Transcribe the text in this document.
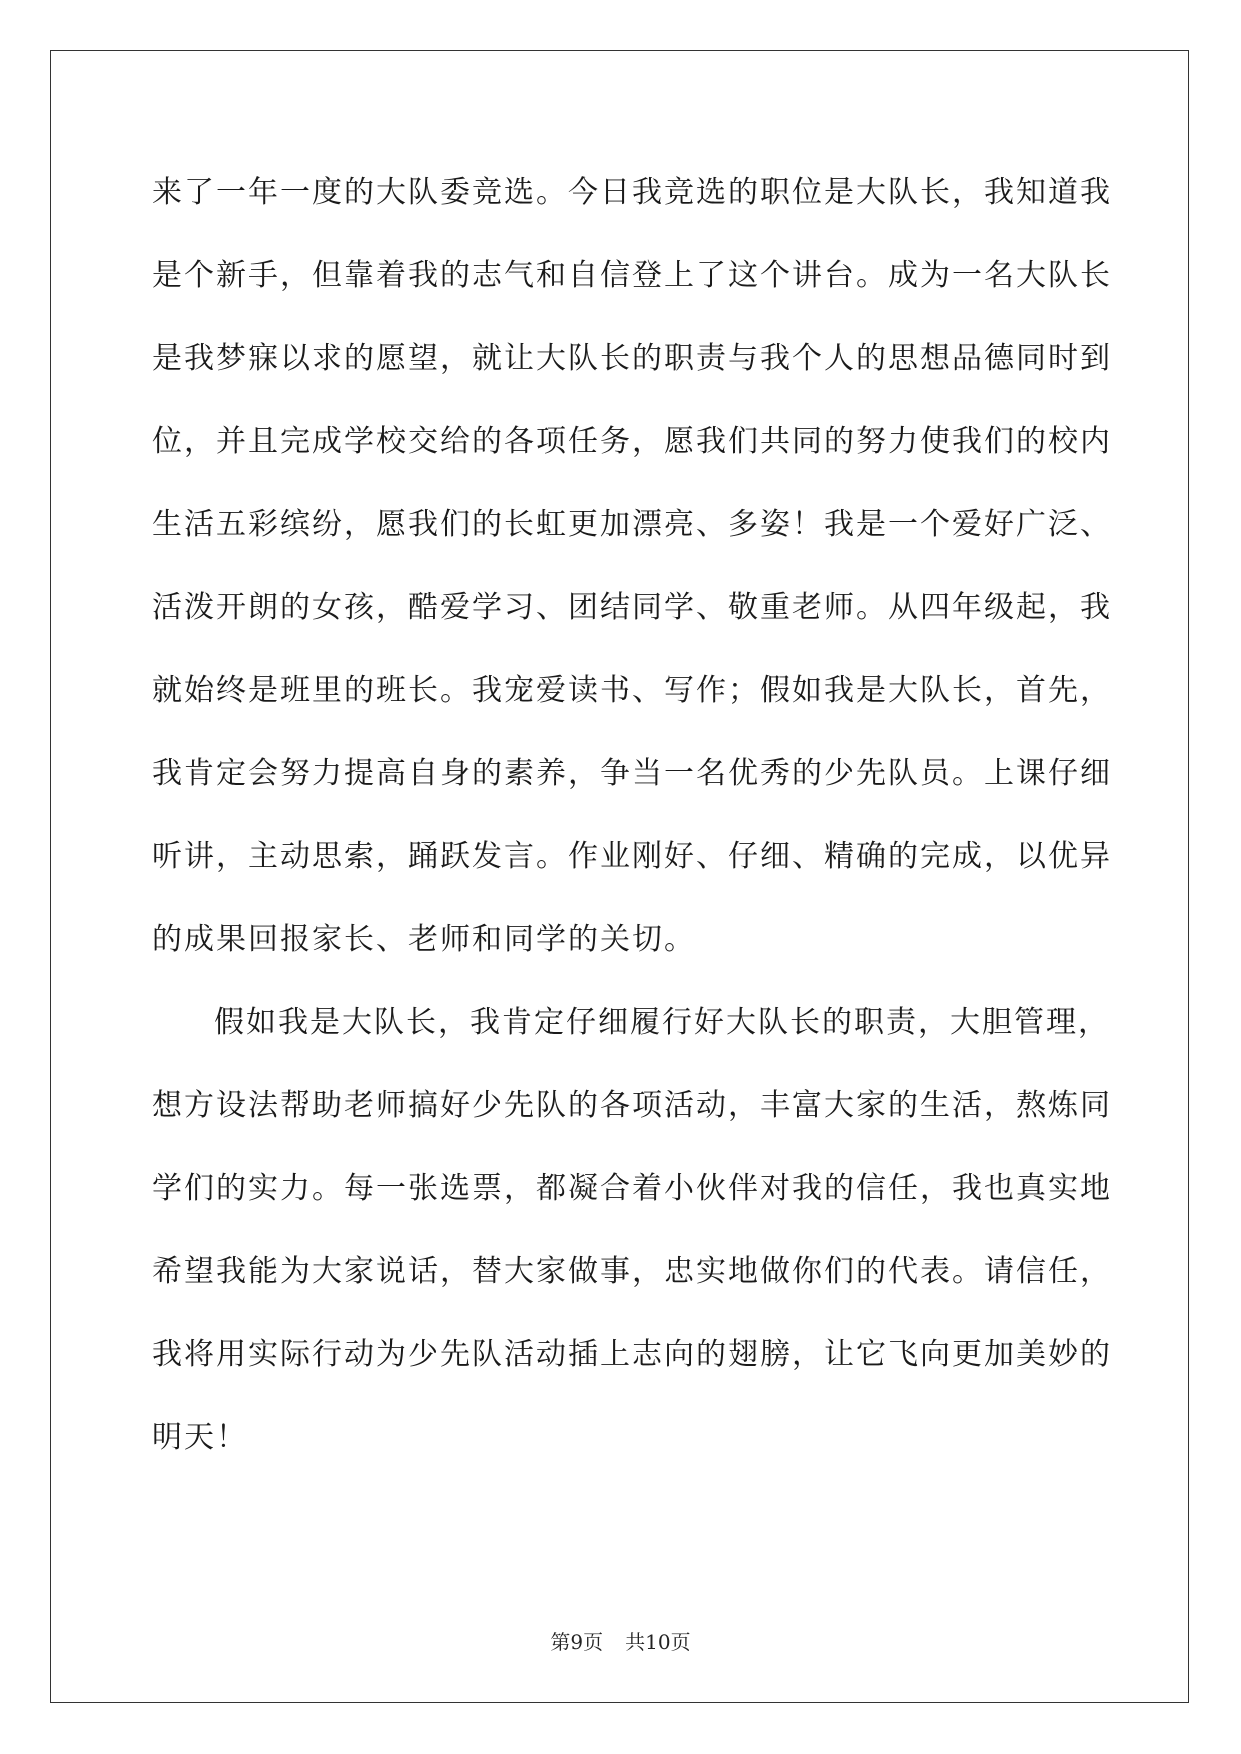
来了一年一度的大队委竞选。今日我竞选的职位是大队长，我知道我
是个新手，但靠着我的志气和自信登上了这个讲台。成为一名大队长
是我梦寐以求的愿望，就让大队长的职责与我个人的思想品德同时到
位，并且完成学校交给的各项任务，愿我们共同的努力使我们的校内
生活五彩缤纷，愿我们的长虹更加漂亮、多姿！我是一个爱好广泛、
活泼开朗的女孩，酷爱学习、团结同学、敬重老师。从四年级起，我
就始终是班里的班长。我宠爱读书、写作；假如我是大队长，首先，
我肯定会努力提高自身的素养，争当一名优秀的少先队员。上课仔细
听讲，主动思索，踊跃发言。作业刚好、仔细、精确的完成，以优异
的成果回报家长、老师和同学的关切。
假如我是大队长，我肯定仔细履行好大队长的职责，大胆管理，
想方设法帮助老师搞好少先队的各项活动，丰富大家的生活，熬炼同
学们的实力。每一张选票，都凝合着小伙伴对我的信任，我也真实地
希望我能为大家说话，替大家做事，忠实地做你们的代表。请信任，
我将用实际行动为少先队活动插上志向的翅膀，让它飞向更加美妙的
明天！
第9页 共10页
